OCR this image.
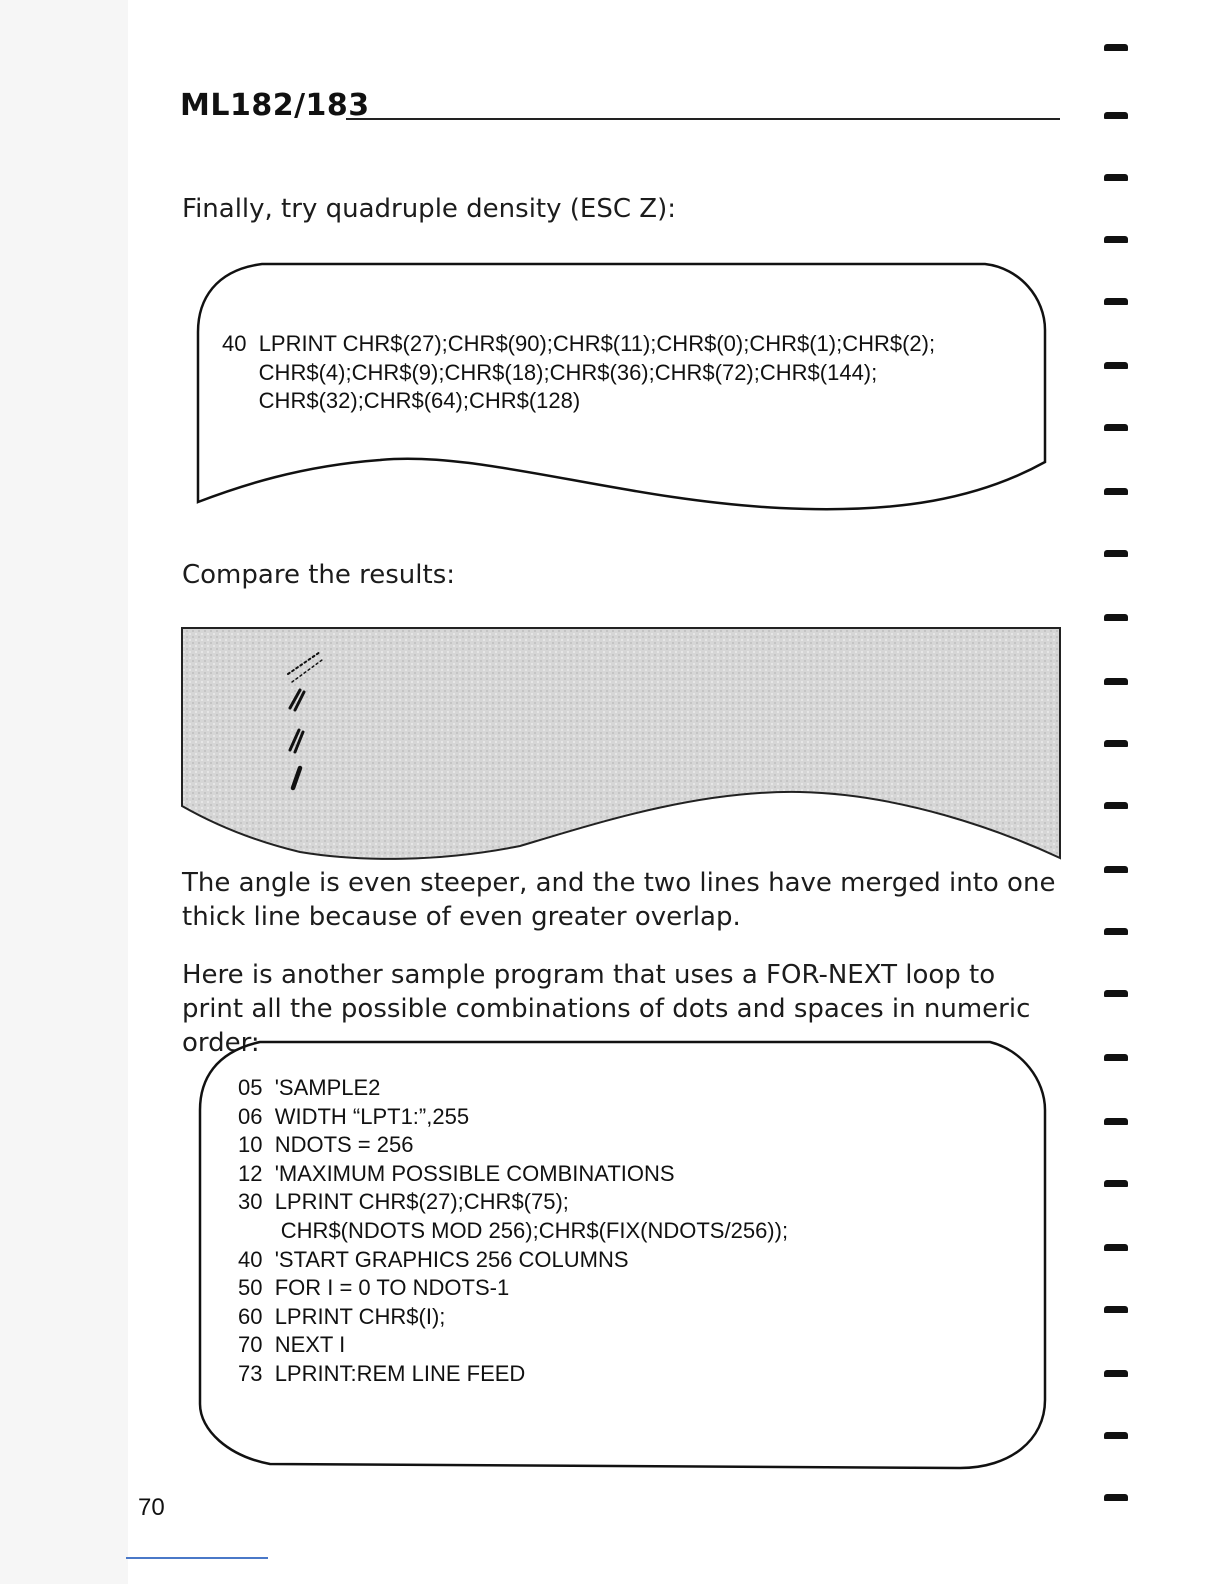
ML182/183

Finally, try quadruple density (ESC Z):

40  LPRINT CHR$(27);CHR$(90);CHR$(11);CHR$(0);CHR$(1);CHR$(2);
CHR$(4);CHR$(9);CHR$(18);CHR$(36);CHR$(72);CHR$(144);
CHR$(32);CHR$(64);CHR$(128)

Compare the results:

The angle is even steeper, and the two lines have merged into one thick line because of even greater overlap.

Here is another sample program that uses a FOR-NEXT loop to print all the possible combinations of dots and spaces in numeric order:

05  'SAMPLE2
06  WIDTH “LPT1:”,255
10  NDOTS = 256
12  'MAXIMUM POSSIBLE COMBINATIONS
30  LPRINT CHR$(27);CHR$(75);
CHR$(NDOTS MOD 256);CHR$(FIX(NDOTS/256));
40  'START GRAPHICS 256 COLUMNS
50  FOR I = 0 TO NDOTS-1
60  LPRINT CHR$(I);
70  NEXT I
73  LPRINT:REM LINE FEED
70
